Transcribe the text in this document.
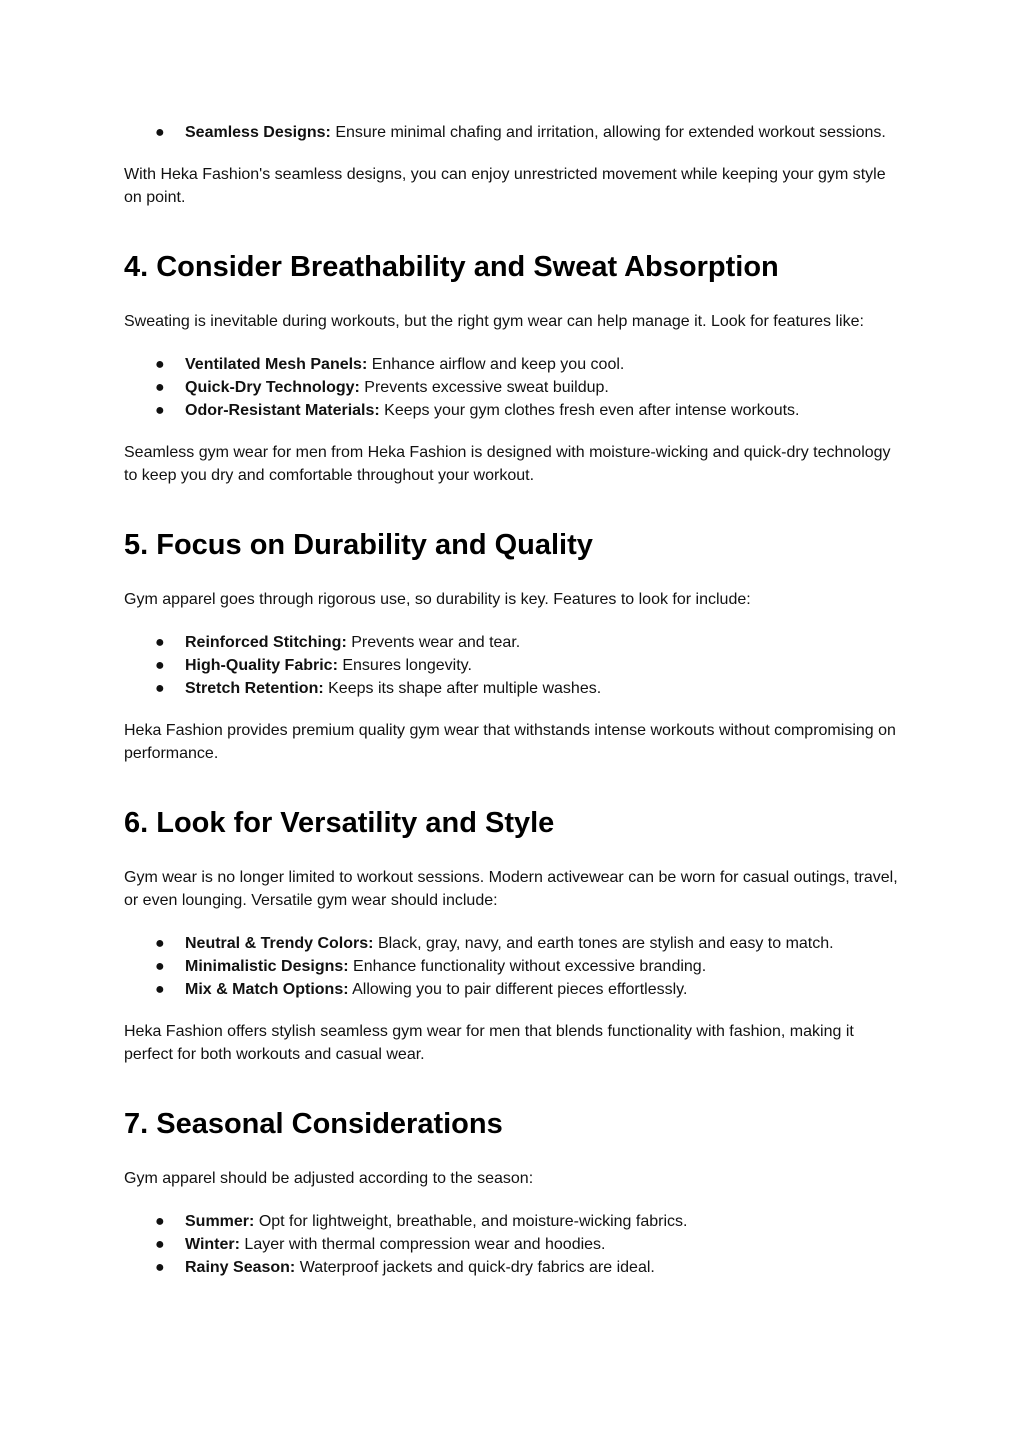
● Seamless Designs: Ensure minimal chafing and irritation, allowing for extended workout sessions.

With Heka Fashion's seamless designs, you can enjoy unrestricted movement while keeping your gym style on point.

4. Consider Breathability and Sweat Absorption

Sweating is inevitable during workouts, but the right gym wear can help manage it. Look for features like:

● Ventilated Mesh Panels: Enhance airflow and keep you cool.
● Quick-Dry Technology: Prevents excessive sweat buildup.
● Odor-Resistant Materials: Keeps your gym clothes fresh even after intense workouts.

Seamless gym wear for men from Heka Fashion is designed with moisture-wicking and quick-dry technology to keep you dry and comfortable throughout your workout.

5. Focus on Durability and Quality

Gym apparel goes through rigorous use, so durability is key. Features to look for include:

● Reinforced Stitching: Prevents wear and tear.
● High-Quality Fabric: Ensures longevity.
● Stretch Retention: Keeps its shape after multiple washes.

Heka Fashion provides premium quality gym wear that withstands intense workouts without compromising on performance.

6. Look for Versatility and Style

Gym wear is no longer limited to workout sessions. Modern activewear can be worn for casual outings, travel, or even lounging. Versatile gym wear should include:

● Neutral & Trendy Colors: Black, gray, navy, and earth tones are stylish and easy to match.
● Minimalistic Designs: Enhance functionality without excessive branding.
● Mix & Match Options: Allowing you to pair different pieces effortlessly.

Heka Fashion offers stylish seamless gym wear for men that blends functionality with fashion, making it perfect for both workouts and casual wear.

7. Seasonal Considerations

Gym apparel should be adjusted according to the season:

● Summer: Opt for lightweight, breathable, and moisture-wicking fabrics.
● Winter: Layer with thermal compression wear and hoodies.
● Rainy Season: Waterproof jackets and quick-dry fabrics are ideal.
